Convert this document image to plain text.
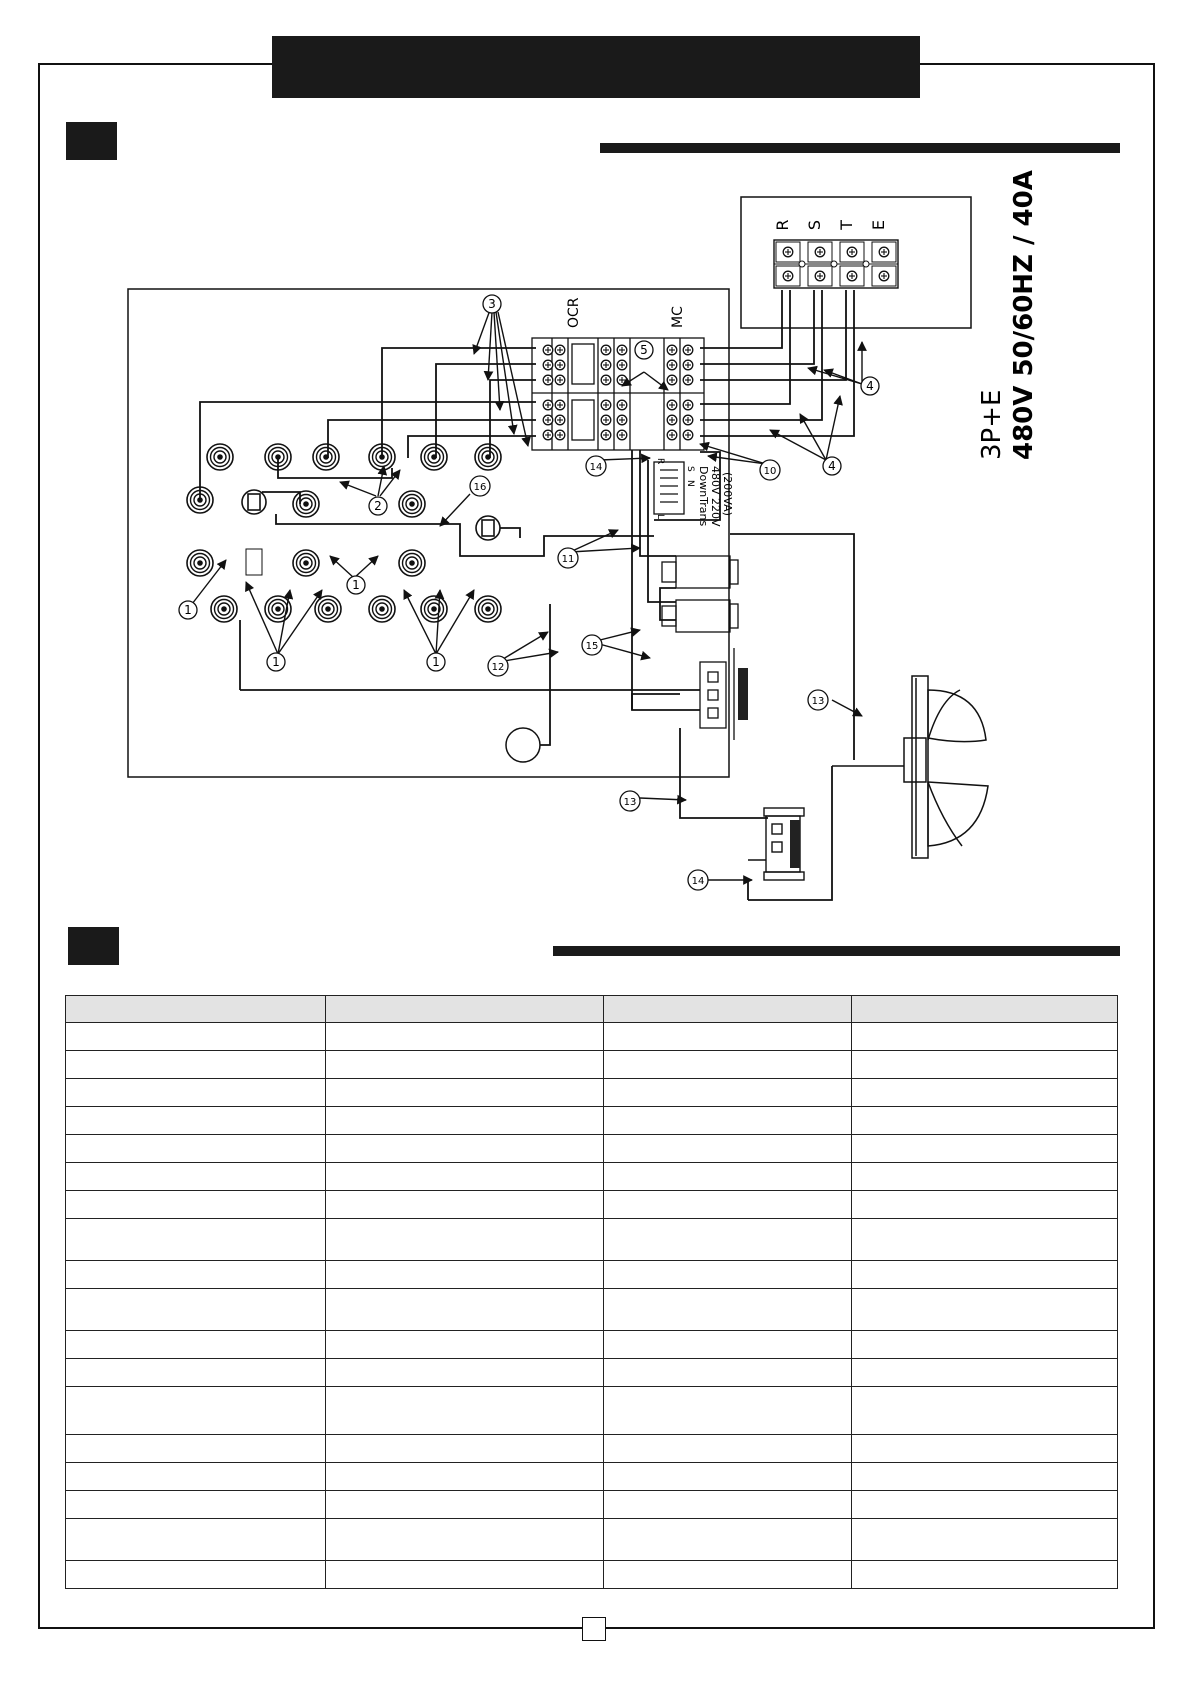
R S T E
3P+E 480V 50/60HZ / 40A
OCR	MC
R
S
L
N DownTrans 480V 220V (200VA)
1
1
1	1
2
3
4
4
5
10
11
12
13
13
14
14
15
16
